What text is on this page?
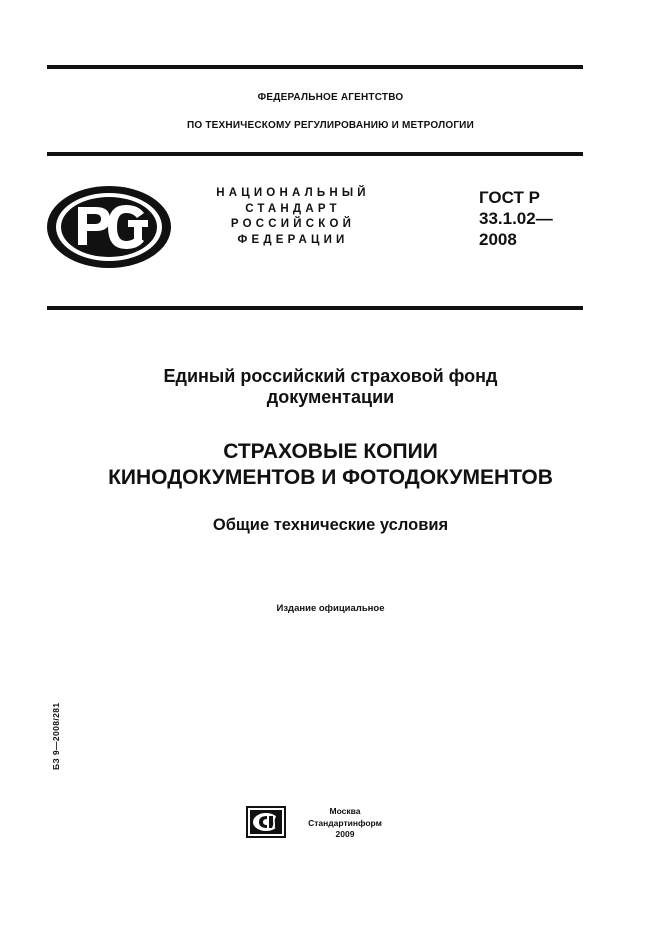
ФЕДЕРАЛЬНОЕ АГЕНТСТВО
ПО ТЕХНИЧЕСКОМУ РЕГУЛИРОВАНИЮ И МЕТРОЛОГИИ
НАЦИОНАЛЬНЫЙ
СТАНДАРТ
РОССИЙСКОЙ
ФЕДЕРАЦИИ
ГОСТ Р
33.1.02—
2008
Единый российский страховой фонд
документации
СТРАХОВЫЕ КОПИИ
КИНОДОКУМЕНТОВ И ФОТОДОКУМЕНТОВ
Общие технические условия
Издание официальное
БЗ 9—2008/281
Москва
Стандартинформ
2009
